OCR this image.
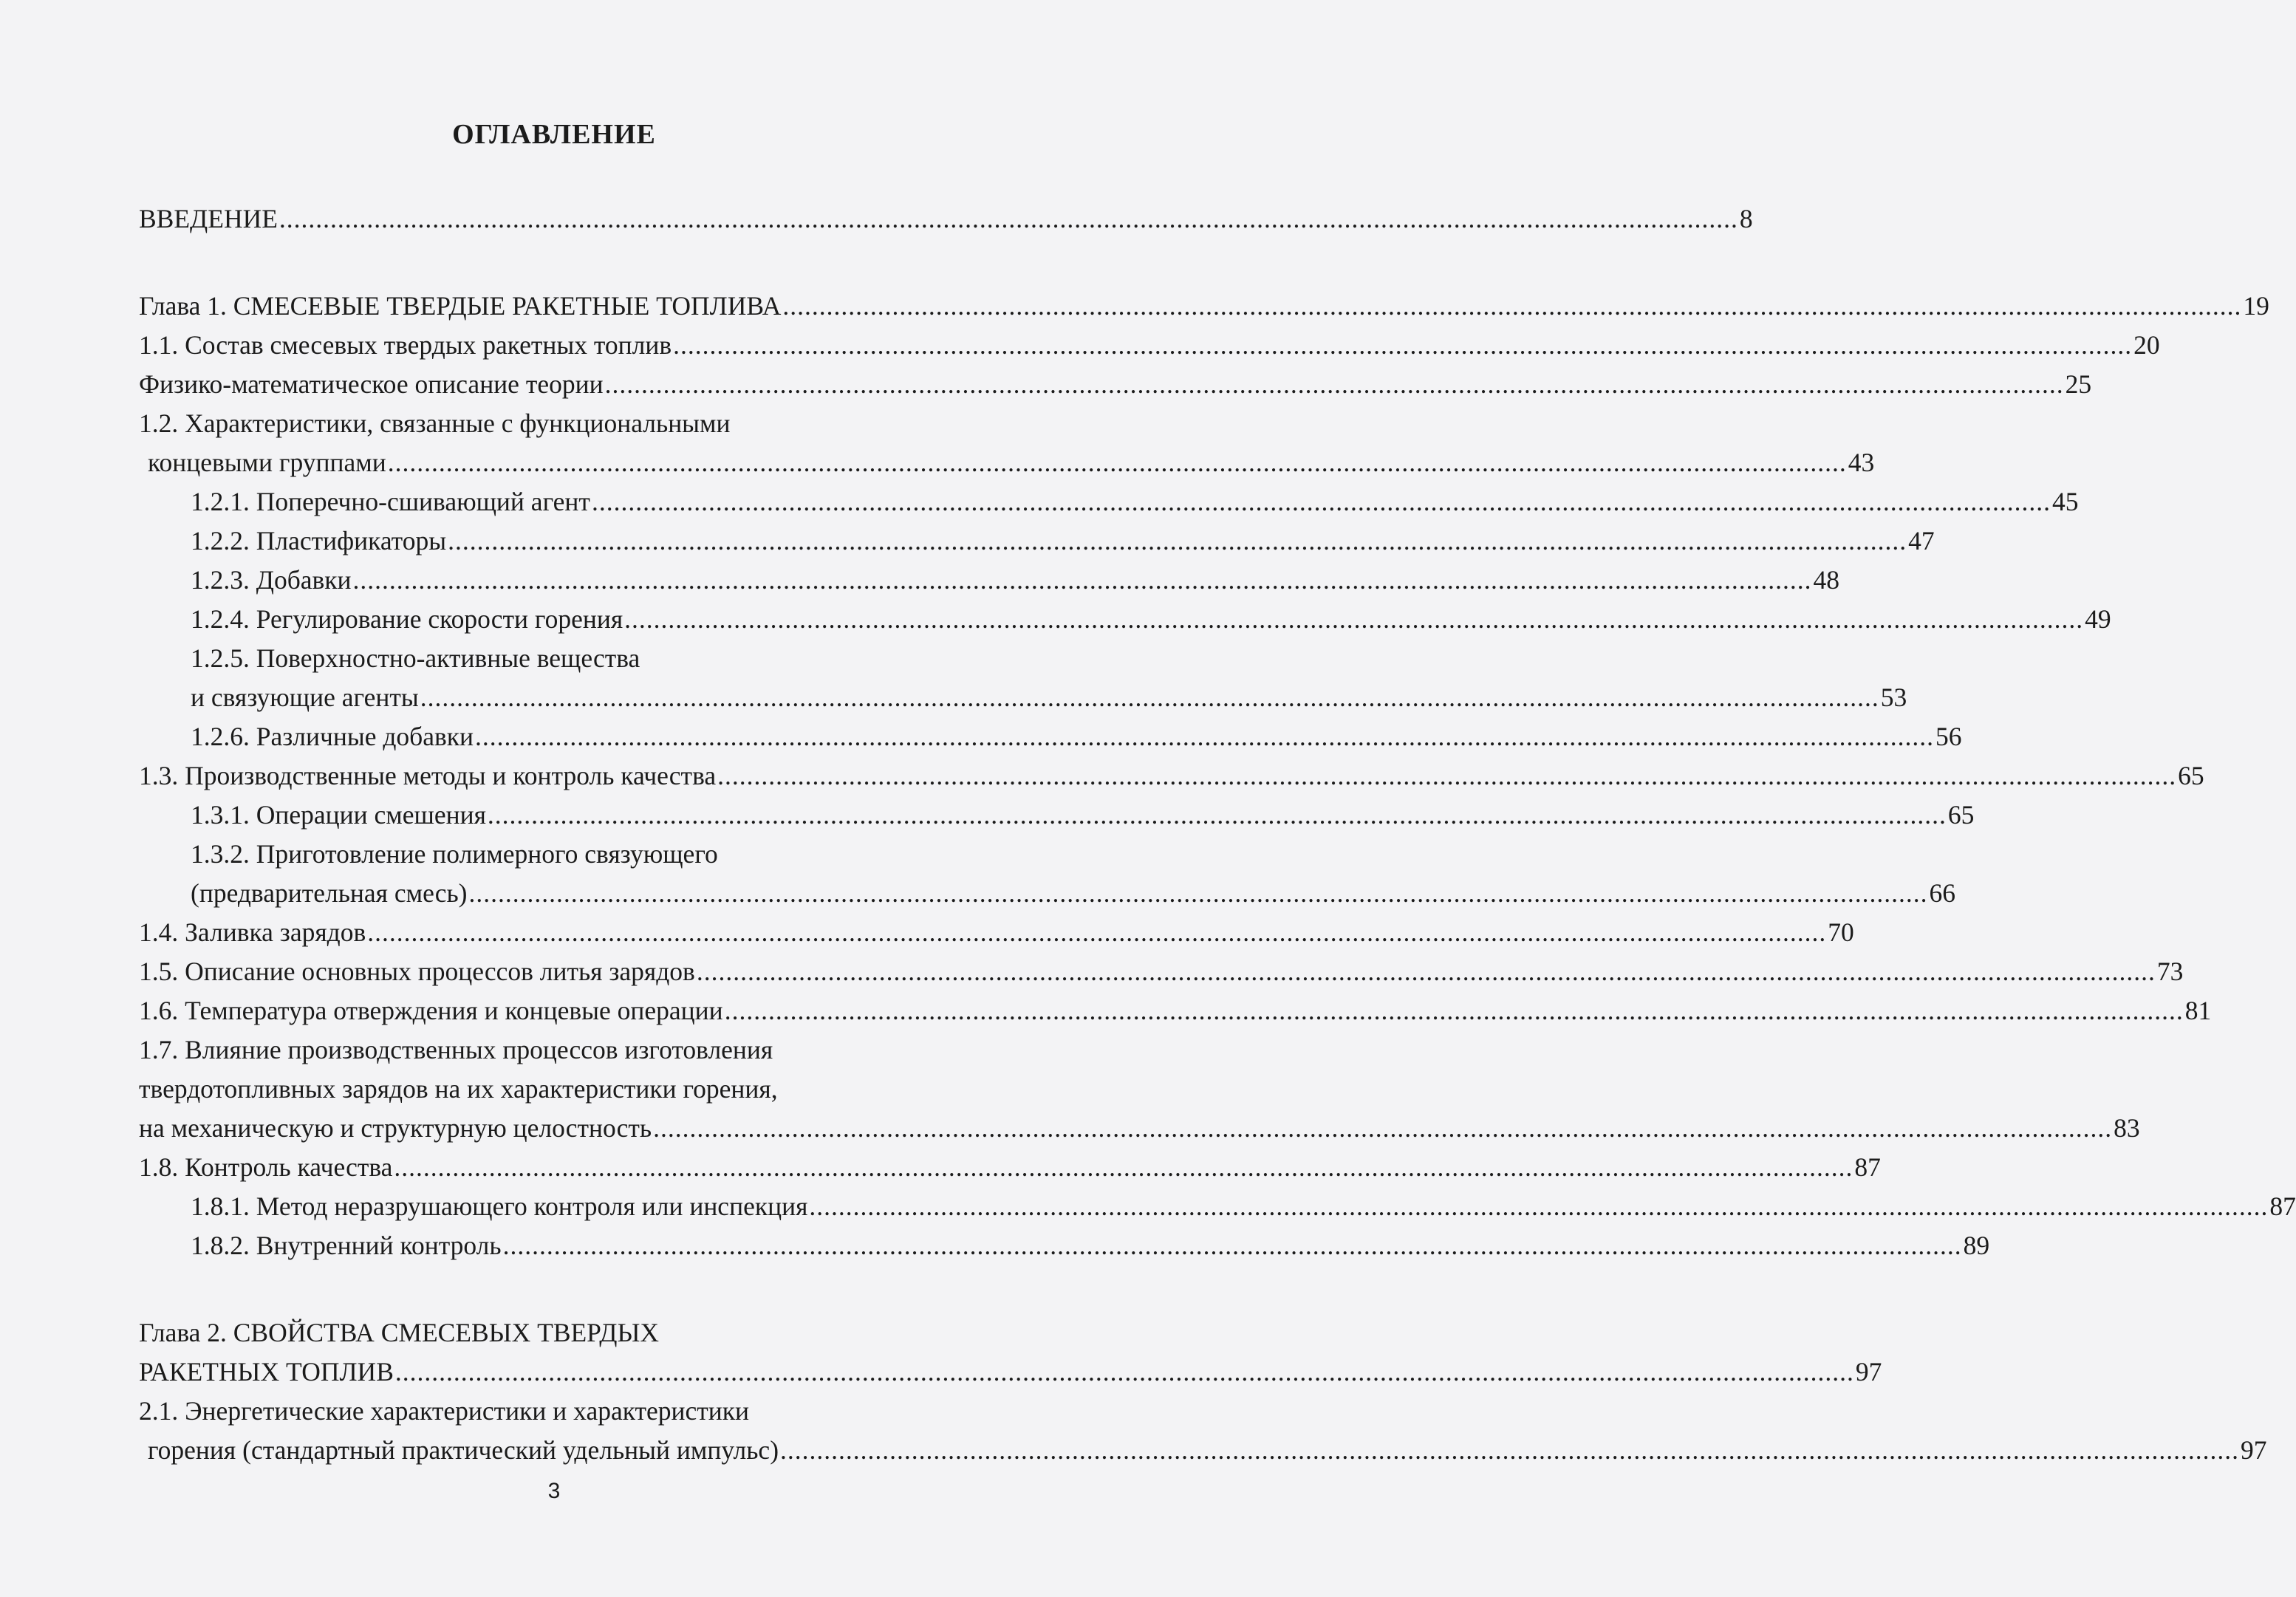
ОГЛАВЛЕНИЕ
ВВЕДЕНИЕ ........................................................................................................................................................................................................ 8
Глава 1. СМЕСЕВЫЕ ТВЕРДЫЕ РАКЕТНЫЕ ТОПЛИВА ........................................................................................................................................................................................................ 19
1.1. Состав смесевых твердых ракетных топлив ........................................................................................................................................................................................................ 20
Физико-математическое описание теории ........................................................................................................................................................................................................ 25
1.2. Характеристики, связанные с функциональными
концевыми группами ........................................................................................................................................................................................................ 43
1.2.1. Поперечно-сшивающий агент ........................................................................................................................................................................................................ 45
1.2.2. Пластификаторы ........................................................................................................................................................................................................ 47
1.2.3. Добавки ........................................................................................................................................................................................................ 48
1.2.4. Регулирование скорости горения ........................................................................................................................................................................................................ 49
1.2.5. Поверхностно-активные вещества
и связующие агенты ........................................................................................................................................................................................................ 53
1.2.6. Различные добавки ........................................................................................................................................................................................................ 56
1.3. Производственные методы и контроль качества ........................................................................................................................................................................................................ 65
1.3.1. Операции смешения ........................................................................................................................................................................................................ 65
1.3.2. Приготовление полимерного связующего
(предварительная смесь) ........................................................................................................................................................................................................ 66
1.4. Заливка зарядов ........................................................................................................................................................................................................ 70
1.5. Описание основных процессов литья зарядов ........................................................................................................................................................................................................ 73
1.6. Температура отверждения и концевые операции ........................................................................................................................................................................................................ 81
1.7. Влияние производственных процессов изготовления
твердотопливных зарядов на их характеристики горения,
на механическую и структурную целостность ........................................................................................................................................................................................................ 83
1.8. Контроль качества ........................................................................................................................................................................................................ 87
1.8.1. Метод неразрушающего контроля или инспекция ........................................................................................................................................................................................................ 87
1.8.2. Внутренний контроль ........................................................................................................................................................................................................ 89
Глава 2. СВОЙСТВА СМЕСЕВЫХ ТВЕРДЫХ
РАКЕТНЫХ ТОПЛИВ ........................................................................................................................................................................................................ 97
2.1. Энергетические характеристики и характеристики
горения (стандартный практический удельный импульс) ........................................................................................................................................................................................................ 97
3
